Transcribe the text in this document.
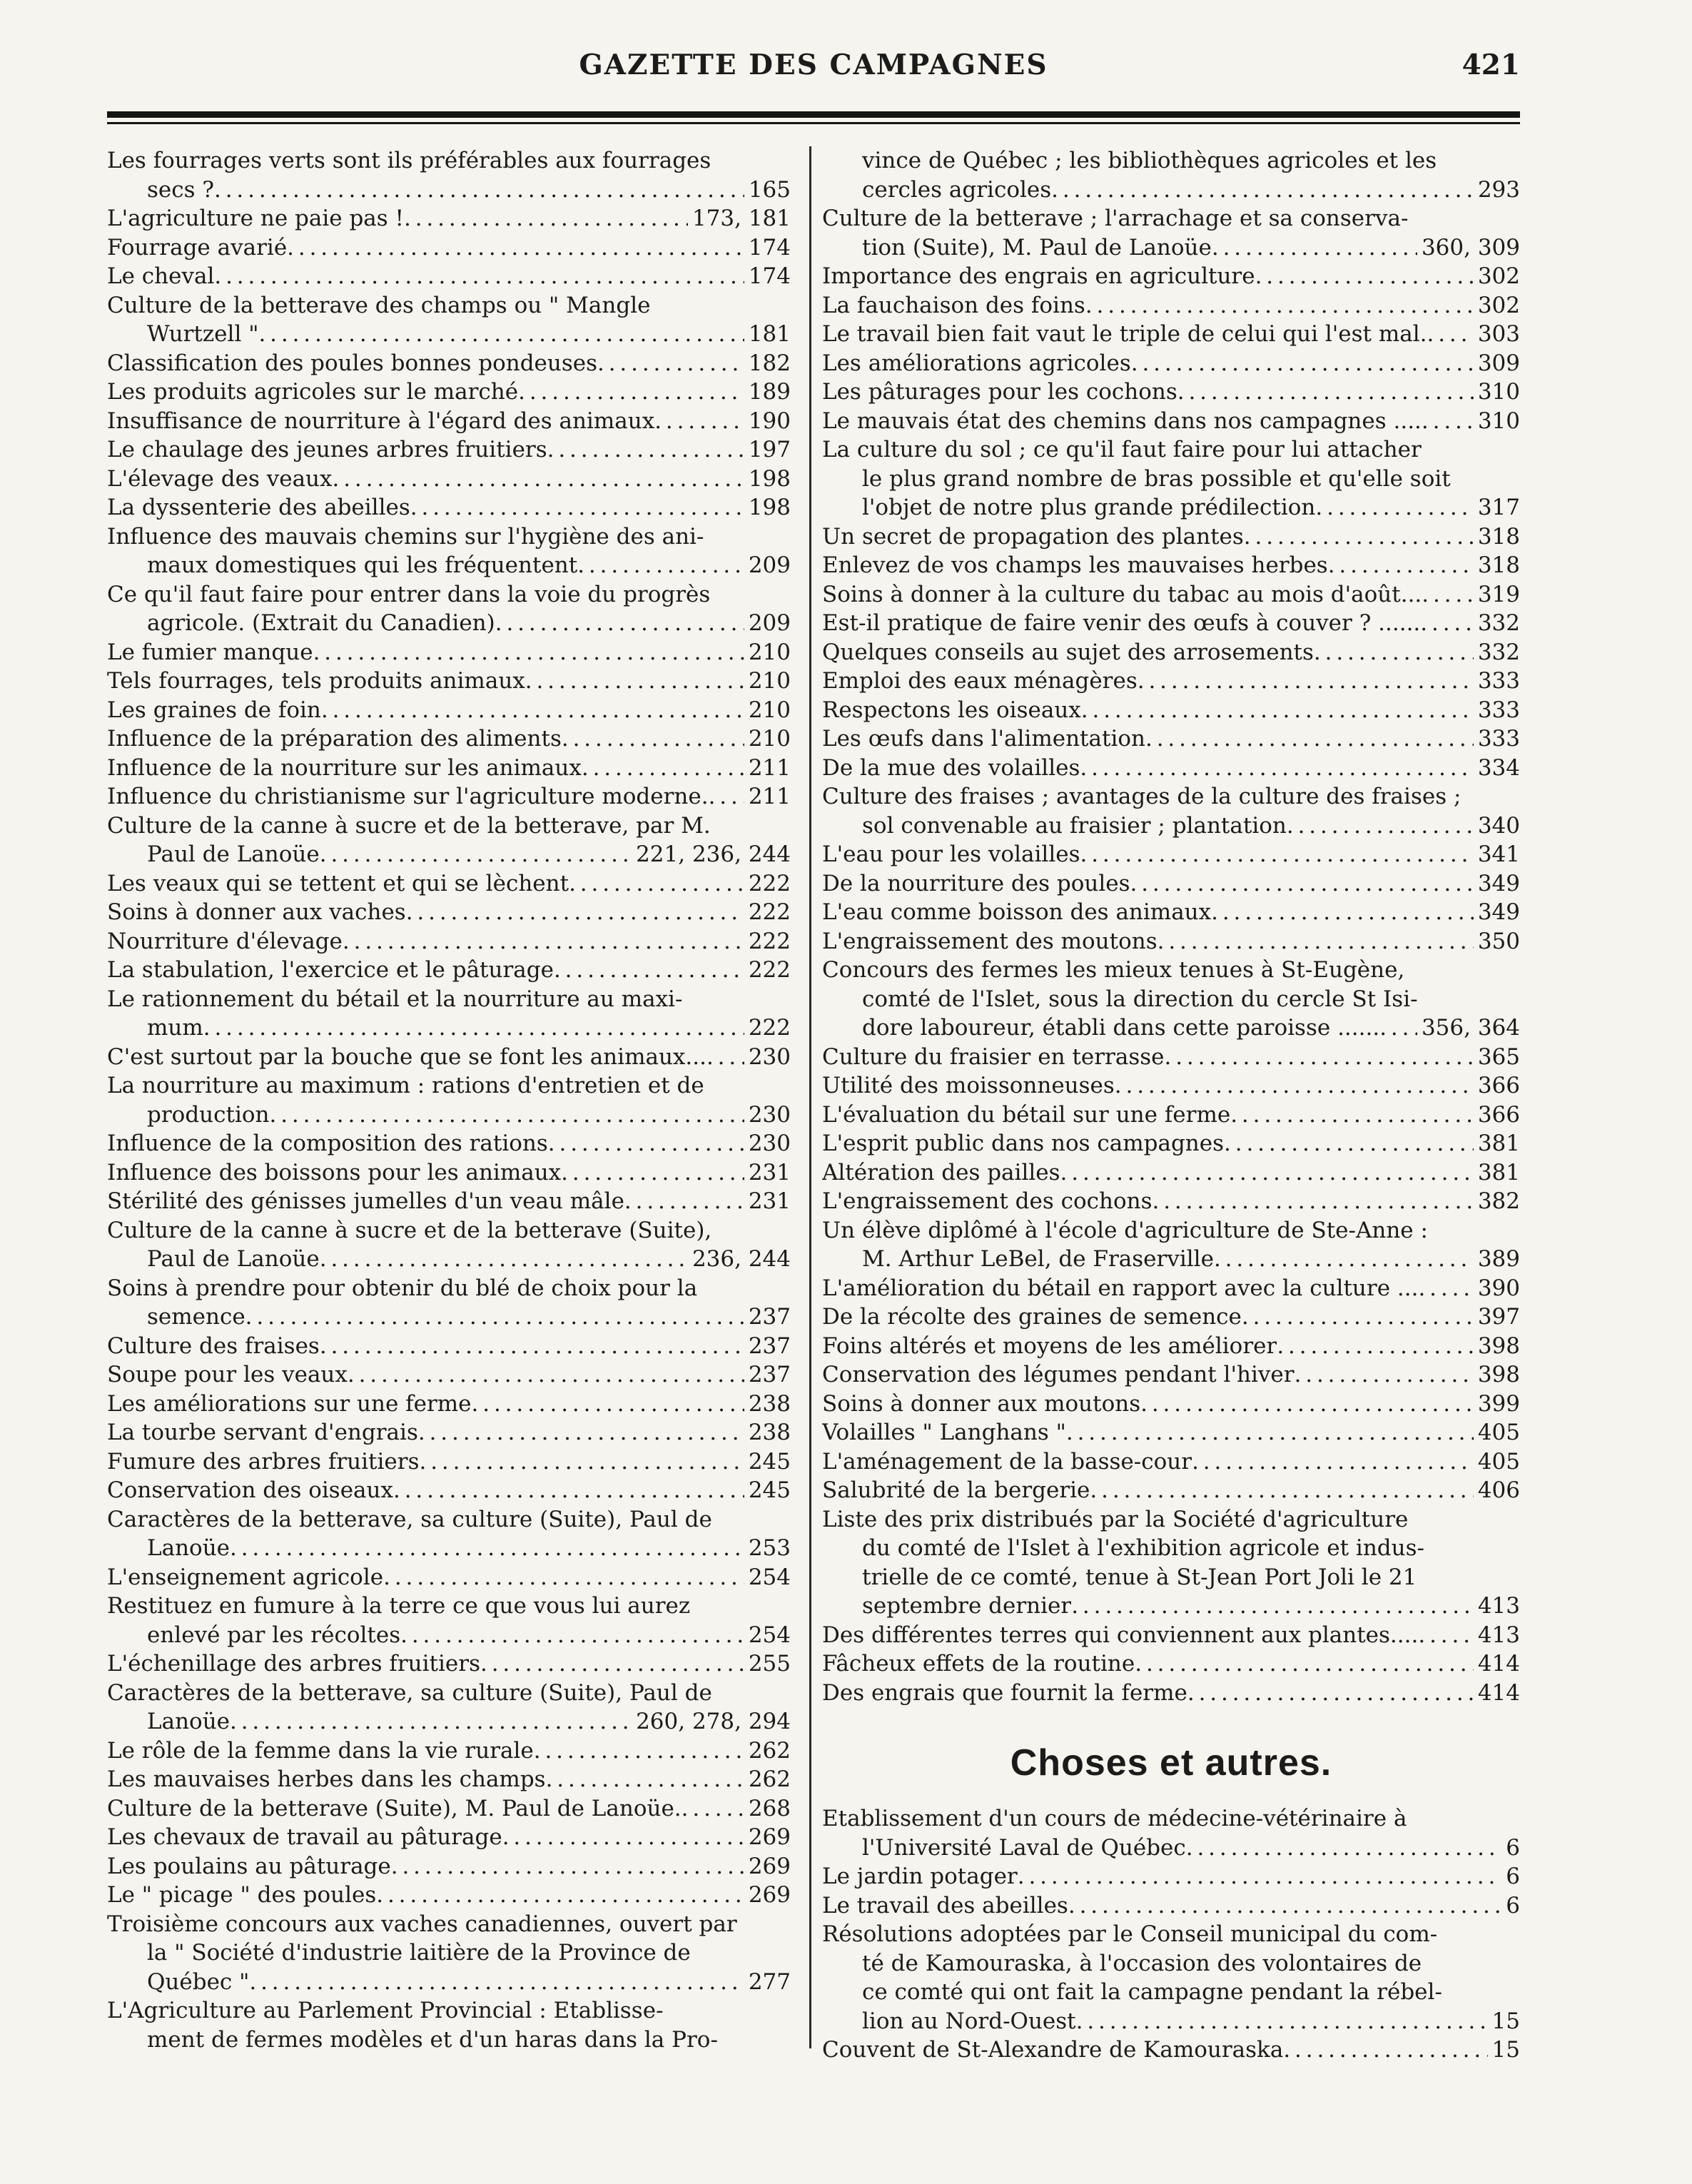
GAZETTE DES CAMPAGNES	421
Les fourrages verts sont ils préférables aux fourrages
secs ? . . .	165
L'agriculture ne paie pas ! . . .	173, 181
Fourrage avarié . . .	174
Le cheval . . .	174
Culture de la betterave des champs ou " Mangle
Wurtzell " . . .	181
Classification des poules bonnes pondeuses . . .	182
Les produits agricoles sur le marché . . .	189
Insuffisance de nourriture à l'égard des animaux . . .	190
Le chaulage des jeunes arbres fruitiers . . .	197
L'élevage des veaux . . .	198
La dyssenterie des abeilles . . .	198
Influence des mauvais chemins sur l'hygiène des ani-
maux domestiques qui les fréquentent . . .	209
Ce qu'il faut faire pour entrer dans la voie du progrès
agricole. (Extrait du Canadien) . . .	209
Le fumier manque . . .	210
Tels fourrages, tels produits animaux . . .	210
Les graines de foin . . .	210
Influence de la préparation des aliments . . .	210
Influence de la nourriture sur les animaux . . .	211
Influence du christianisme sur l'agriculture moderne. . . . 211
Culture de la canne à sucre et de la betterave, par M.
Paul de Lanoüe . . .	221, 236, 244
Les veaux qui se tettent et qui se lèchent . . .	222
Soins à donner aux vaches . . .	222
Nourriture d'élevage . . .	222
La stabulation, l'exercice et le pâturage . . .	222
Le rationnement du bétail et la nourriture au maxi-
mum . . .	222
C'est surtout par la bouche que se font les animaux... . . . 230
La nourriture au maximum : rations d'entretien et de
production . . .	230
Influence de la composition des rations . . .	230
Influence des boissons pour les animaux . . .	231
Stérilité des génisses jumelles d'un veau mâle . . .	231
Culture de la canne à sucre et de la betterave (Suite),
Paul de Lanoüe . . .	236, 244
Soins à prendre pour obtenir du blé de choix pour la
semence . . .	237
Culture des fraises . . .	237
Soupe pour les veaux . . .	237
Les améliorations sur une ferme . . .	238
La tourbe servant d'engrais . . .	238
Fumure des arbres fruitiers . . .	245
Conservation des oiseaux . . .	245
Caractères de la betterave, sa culture (Suite), Paul de
Lanoüe . . .	253
L'enseignement agricole . . .	254
Restituez en fumure à la terre ce que vous lui aurez
enlevé par les récoltes . . .	254
L'échenillage des arbres fruitiers . . .	255
Caractères de la betterave, sa culture (Suite), Paul de
Lanoüe . . .	260, 278, 294
Le rôle de la femme dans la vie rurale . . .	262
Les mauvaises herbes dans les champs . . .	262
Culture de la betterave (Suite), M. Paul de Lanoüe. . . .	268
Les chevaux de travail au pâturage . . .	269
Les poulains au pâturage . . .	269
Le " picage " des poules . . .	269
Troisième concours aux vaches canadiennes, ouvert par
la " Société d'industrie laitière de la Province de
Québec " . . .	277
L'Agriculture au Parlement Provincial : Etablisse-
ment de fermes modèles et d'un haras dans la Pro-
vince de Québec ; les bibliothèques agricoles et les
cercles agricoles . . .	293
Culture de la betterave ; l'arrachage et sa conserva-
tion (Suite), M. Paul de Lanoüe . . .	360, 309
Importance des engrais en agriculture . . .	302
La fauchaison des foins . . .	302
Le travail bien fait vaut le triple de celui qui l'est mal. . . . 303
Les améliorations agricoles . . .	309
Les pâturages pour les cochons . . .	310
Le mauvais état des chemins dans nos campagnes .... . . .	310
La culture du sol ; ce qu'il faut faire pour lui attacher
le plus grand nombre de bras possible et qu'elle soit
l'objet de notre plus grande prédilection . . .	317
Un secret de propagation des plantes . . .	318
Enlevez de vos champs les mauvaises herbes . . .	318
Soins à donner à la culture du tabac au mois d'août... . . .	319
Est-il pratique de faire venir des œufs à couver ? ...... . . .	332
Quelques conseils au sujet des arrosements . . .	332
Emploi des eaux ménagères . . .	333
Respectons les oiseaux . . .	333
Les œufs dans l'alimentation . . .	333
De la mue des volailles . . .	334
Culture des fraises ; avantages de la culture des fraises ;
sol convenable au fraisier ; plantation . . .	340
L'eau pour les volailles . . .	341
De la nourriture des poules . . .	349
L'eau comme boisson des animaux . . .	349
L'engraissement des moutons . . .	350
Concours des fermes les mieux tenues à St-Eugène,
comté de l'Islet, sous la direction du cercle St Isi-
dore laboureur, établi dans cette paroisse ...... . . . 356, 364
Culture du fraisier en terrasse . . .	365
Utilité des moissonneuses . . .	366
L'évaluation du bétail sur une ferme . . .	366
L'esprit public dans nos campagnes . . .	381
Altération des pailles . . .	381
L'engraissement des cochons . . .	382
Un élève diplômé à l'école d'agriculture de Ste-Anne :
M. Arthur LeBel, de Fraserville . . .	389
L'amélioration du bétail en rapport avec la culture ... . . .	390
De la récolte des graines de semence . . .	397
Foins altérés et moyens de les améliorer . . .	398
Conservation des légumes pendant l'hiver . . .	398
Soins à donner aux moutons . . .	399
Volailles " Langhans " . . .	405
L'aménagement de la basse-cour . . .	405
Salubrité de la bergerie . . .	406
Liste des prix distribués par la Société d'agriculture
du comté de l'Islet à l'exhibition agricole et indus-
trielle de ce comté, tenue à St-Jean Port Joli le 21
septembre dernier . . .	413
Des différentes terres qui conviennent aux plantes.... . . .	413
Fâcheux effets de la routine . . .	414
Des engrais que fournit la ferme . . .	414
Choses et autres.
Etablissement d'un cours de médecine-vétérinaire à
l'Université Laval de Québec . . .	6
Le jardin potager . . .	6
Le travail des abeilles . . .	6
Résolutions adoptées par le Conseil municipal du com-
té de Kamouraska, à l'occasion des volontaires de
ce comté qui ont fait la campagne pendant la rébel-
lion au Nord-Ouest . . .	15
Couvent de St-Alexandre de Kamouraska . . .	15
